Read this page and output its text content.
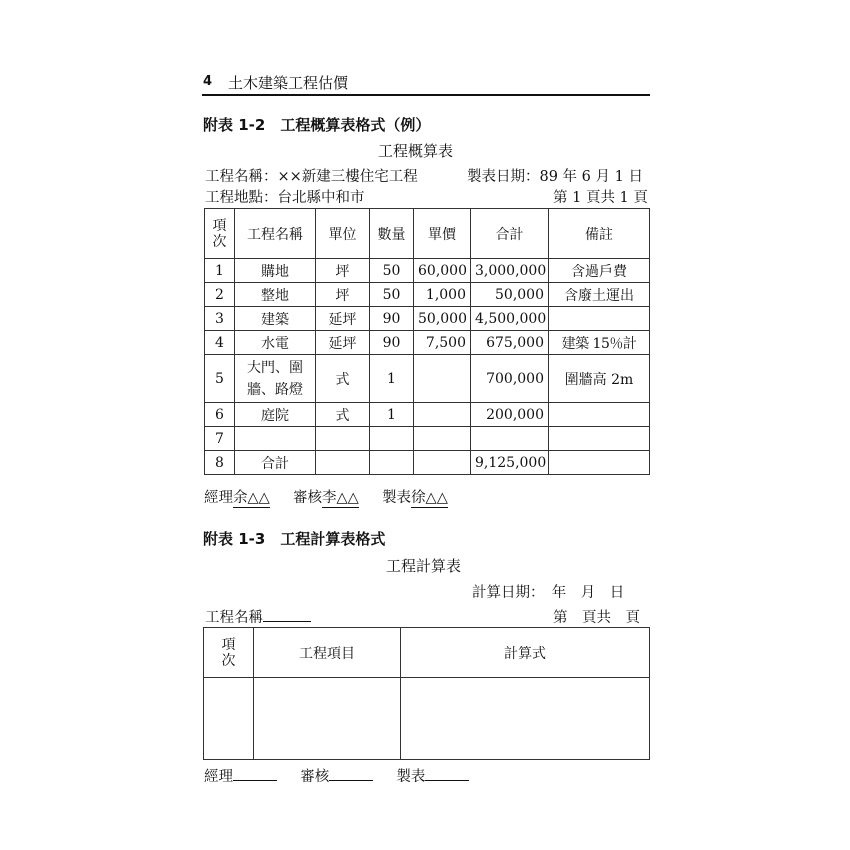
4 土木建築工程估價
附表 1-2　工程概算表格式（例）
工程概算表
工程名稱：××新建三樓住宅工程	製表日期：89 年 6 月 1 日
工程地點：台北縣中和市	第 1 頁共 1 頁
項次	工程名稱	單位	數量	單價	合計	備註
1	購地	坪	50	60,000	3,000,000	含過戶費
2	整地	坪	50	1,000	50,000	含廢土運出
3	建築	延坪	90	50,000	4,500,000	
4	水電	延坪	90	7,500	675,000	建築 15％計
5	大門、圍牆、路燈	式	1		700,000	圍牆高 2m
6	庭院	式	1		200,000	
7						
8	合計				9,125,000	
經理余△△ 審核李△△ 製表徐△△
附表 1-3　工程計算表格式
工程計算表
計算日期：　年　月　日
工程名稱	第　頁共　頁
項次	工程項目	計算式

經理	審核	製表
